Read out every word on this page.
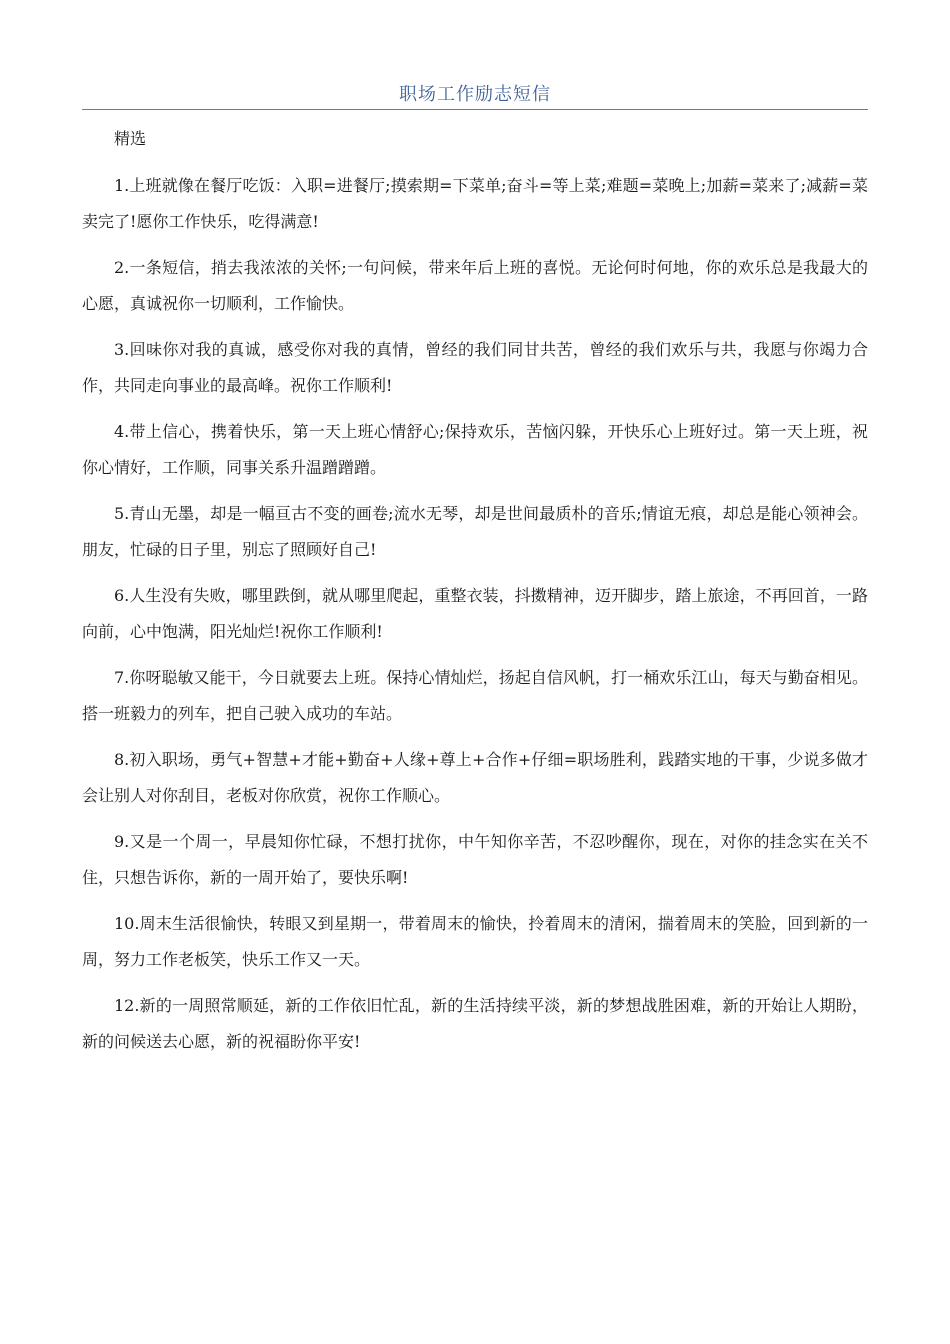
职场工作励志短信

精选

1.上班就像在餐厅吃饭：入职=进餐厅;摸索期=下菜单;奋斗=等上菜;难题=菜晚上;加薪=菜来了;减薪=菜卖完了!愿你工作快乐，吃得满意!

2.一条短信，捎去我浓浓的关怀;一句问候，带来年后上班的喜悦。无论何时何地，你的欢乐总是我最大的心愿，真诚祝你一切顺利，工作愉快。

3.回味你对我的真诚，感受你对我的真情，曾经的我们同甘共苦，曾经的我们欢乐与共，我愿与你竭力合作，共同走向事业的最高峰。祝你工作顺利!

4.带上信心，携着快乐，第一天上班心情舒心;保持欢乐，苦恼闪躲，开快乐心上班好过。第一天上班，祝你心情好，工作顺，同事关系升温蹭蹭蹭。

5.青山无墨，却是一幅亘古不变的画卷;流水无琴，却是世间最质朴的音乐;情谊无痕，却总是能心领神会。朋友，忙碌的日子里，别忘了照顾好自己!

6.人生没有失败，哪里跌倒，就从哪里爬起，重整衣装，抖擞精神，迈开脚步，踏上旅途，不再回首，一路向前，心中饱满，阳光灿烂!祝你工作顺利!

7.你呀聪敏又能干，今日就要去上班。保持心情灿烂，扬起自信风帆，打一桶欢乐江山，每天与勤奋相见。搭一班毅力的列车，把自己驶入成功的车站。

8.初入职场，勇气+智慧+才能+勤奋+人缘+尊上+合作+仔细=职场胜利，践踏实地的干事，少说多做才会让别人对你刮目，老板对你欣赏，祝你工作顺心。

9.又是一个周一，早晨知你忙碌，不想打扰你，中午知你辛苦，不忍吵醒你，现在，对你的挂念实在关不住，只想告诉你，新的一周开始了，要快乐啊!

10.周末生活很愉快，转眼又到星期一，带着周末的愉快，拎着周末的清闲，揣着周末的笑脸，回到新的一周，努力工作老板笑，快乐工作又一天。

12.新的一周照常顺延，新的工作依旧忙乱，新的生活持续平淡，新的梦想战胜困难，新的开始让人期盼，新的问候送去心愿，新的祝福盼你平安!
